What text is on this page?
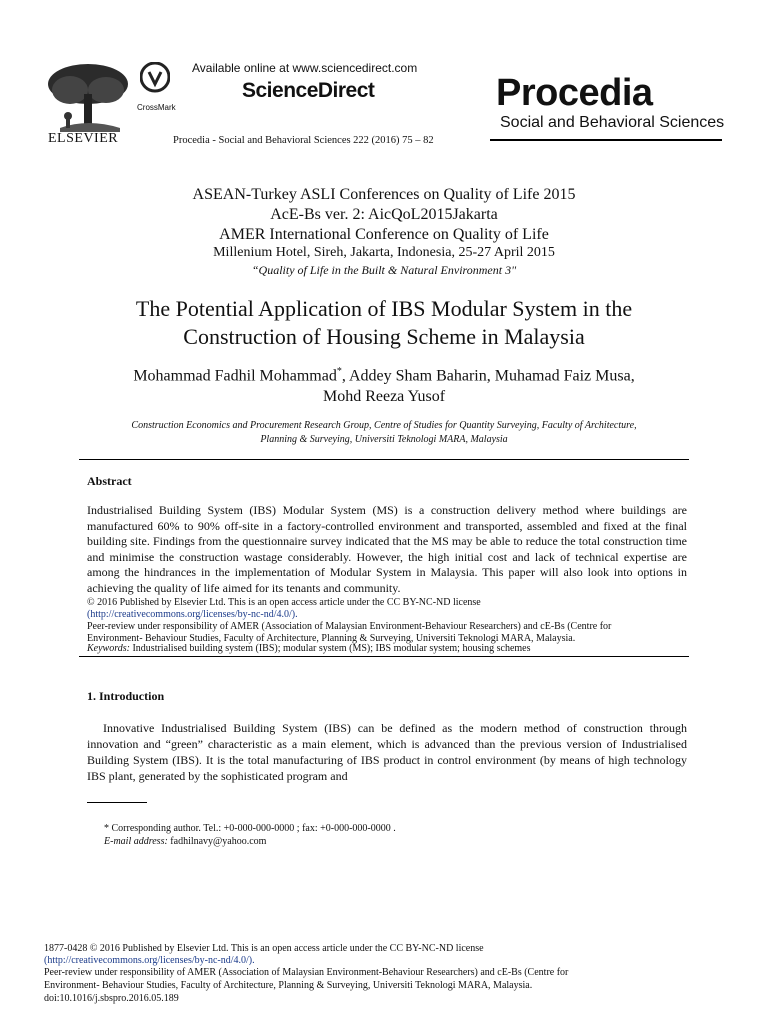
ELSEVIER
CrossMark
Available online at www.sciencedirect.com
ScienceDirect
Procedia - Social and Behavioral Sciences 222 (2016) 75 – 82
Procedia
Social and Behavioral Sciences
ASEAN-Turkey ASLI Conferences on Quality of Life 2015
AcE-Bs ver. 2: AicQoL2015Jakarta
AMER International Conference on Quality of Life
Millenium Hotel, Sireh, Jakarta, Indonesia, 25-27 April 2015
“Quality of Life in the Built & Natural Environment 3"
The Potential Application of IBS Modular System in the
Construction of Housing Scheme in Malaysia
Mohammad Fadhil Mohammad*, Addey Sham Baharin, Muhamad Faiz Musa,
Mohd Reeza Yusof
Construction Economics and Procurement Research Group, Centre of Studies for Quantity Surveying, Faculty of Architecture,
Planning & Surveying, Universiti Teknologi MARA, Malaysia
Abstract
Industrialised Building System (IBS) Modular System (MS) is a construction delivery method where buildings are manufactured 60% to 90% off-site in a factory-controlled environment and transported, assembled and fixed at the final building site. Findings from the questionnaire survey indicated that the MS may be able to reduce the total construction time and minimise the construction wastage considerably. However, the high initial cost and lack of technical expertise are among the hindrances in the implementation of Modular System in Malaysia. This paper will also look into options in achieving the quality of life aimed for its tenants and community.
© 2016 Published by Elsevier Ltd. This is an open access article under the CC BY-NC-ND license
(http://creativecommons.org/licenses/by-nc-nd/4.0/).
Peer-review under responsibility of AMER (Association of Malaysian Environment-Behaviour Researchers) and cE-Bs (Centre for
Environment- Behaviour Studies, Faculty of Architecture, Planning & Surveying, Universiti Teknologi MARA, Malaysia.
Keywords: Industrialised building system (IBS); modular system (MS); IBS modular system; housing schemes
1. Introduction
Innovative Industrialised Building System (IBS) can be defined as the modern method of construction through innovation and “green” characteristic as a main element, which is advanced than the previous version of Industrialised Building System (IBS). It is the total manufacturing of IBS product in control environment (by means of high technology IBS plant, generated by the sophisticated program and
* Corresponding author. Tel.: +0-000-000-0000 ; fax: +0-000-000-0000 .
E-mail address: fadhilnavy@yahoo.com
1877-0428 © 2016 Published by Elsevier Ltd. This is an open access article under the CC BY-NC-ND license
(http://creativecommons.org/licenses/by-nc-nd/4.0/).
Peer-review under responsibility of AMER (Association of Malaysian Environment-Behaviour Researchers) and cE-Bs (Centre for
Environment- Behaviour Studies, Faculty of Architecture, Planning & Surveying, Universiti Teknologi MARA, Malaysia.
doi:10.1016/j.sbspro.2016.05.189
